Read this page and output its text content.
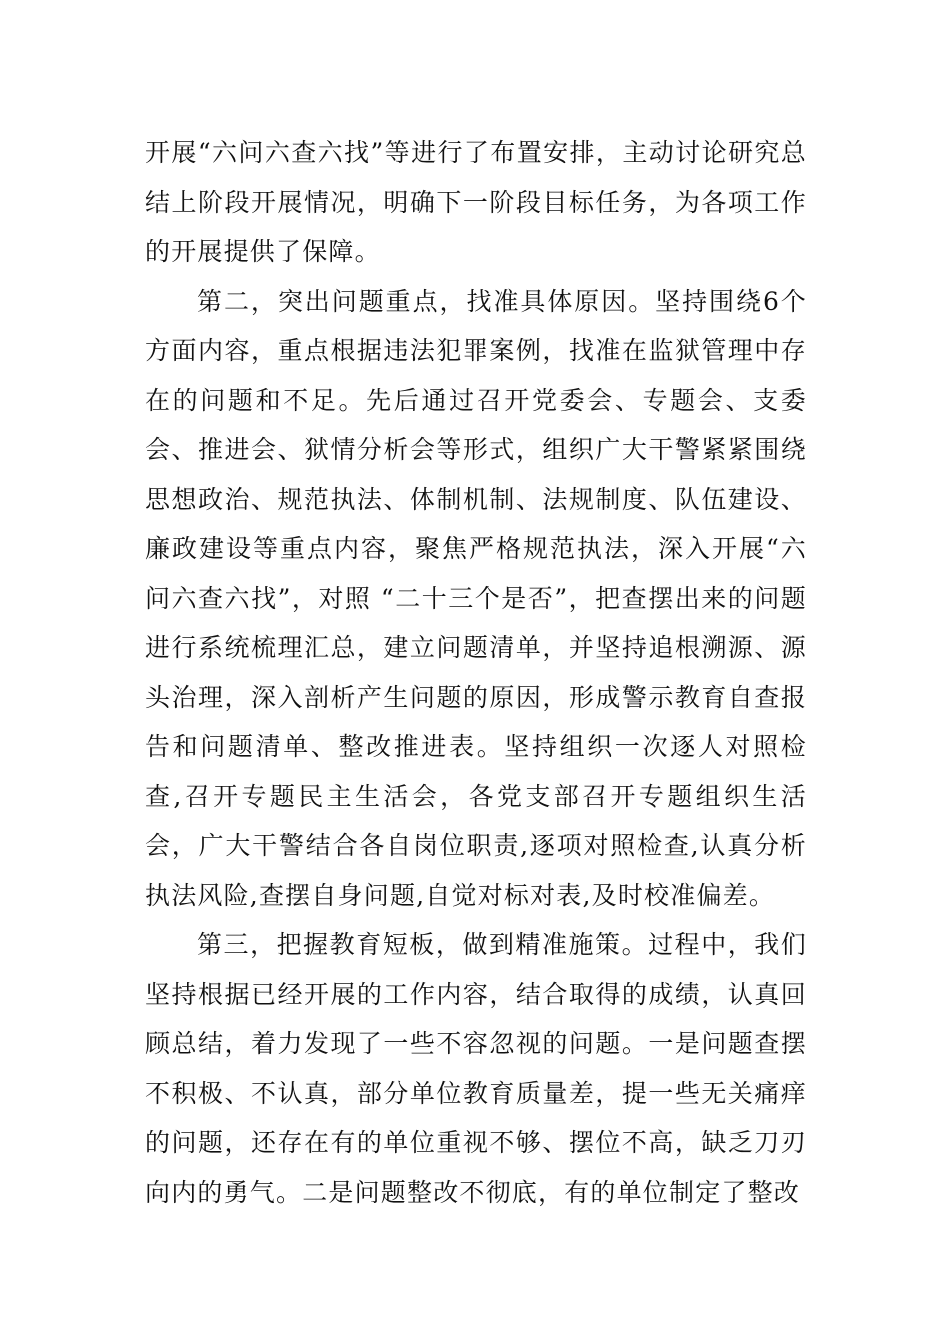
开展“六问六查六找”等进行了布置安排，主动讨论研究总结上阶段开展情况，明确下一阶段目标任务，为各项工作的开展提供了保障。

第二，突出问题重点，找准具体原因。坚持围绕6个方面内容，重点根据违法犯罪案例，找准在监狱管理中存在的问题和不足。先后通过召开党委会、专题会、支委会、推进会、狱情分析会等形式，组织广大干警紧紧围绕思想政治、规范执法、体制机制、法规制度、队伍建设、廉政建设等重点内容，聚焦严格规范执法，深入开展“六问六查六找”，对照 “二十三个是否”，把查摆出来的问题进行系统梳理汇总，建立问题清单，并坚持追根溯源、源头治理，深入剖析产生问题的原因，形成警示教育自查报告和问题清单、整改推进表。坚持组织一次逐人对照检查,召开专题民主生活会，各党支部召开专题组织生活会，广大干警结合各自岗位职责,逐项对照检查,认真分析执法风险,查摆自身问题,自觉对标对表,及时校准偏差。

第三，把握教育短板，做到精准施策。过程中，我们坚持根据已经开展的工作内容，结合取得的成绩，认真回顾总结，着力发现了一些不容忽视的问题。一是问题查摆不积极、不认真，部分单位教育质量差，提一些无关痛痒的问题，还存在有的单位重视不够、摆位不高，缺乏刀刃向内的勇气。二是问题整改不彻底，有的单位制定了整改
